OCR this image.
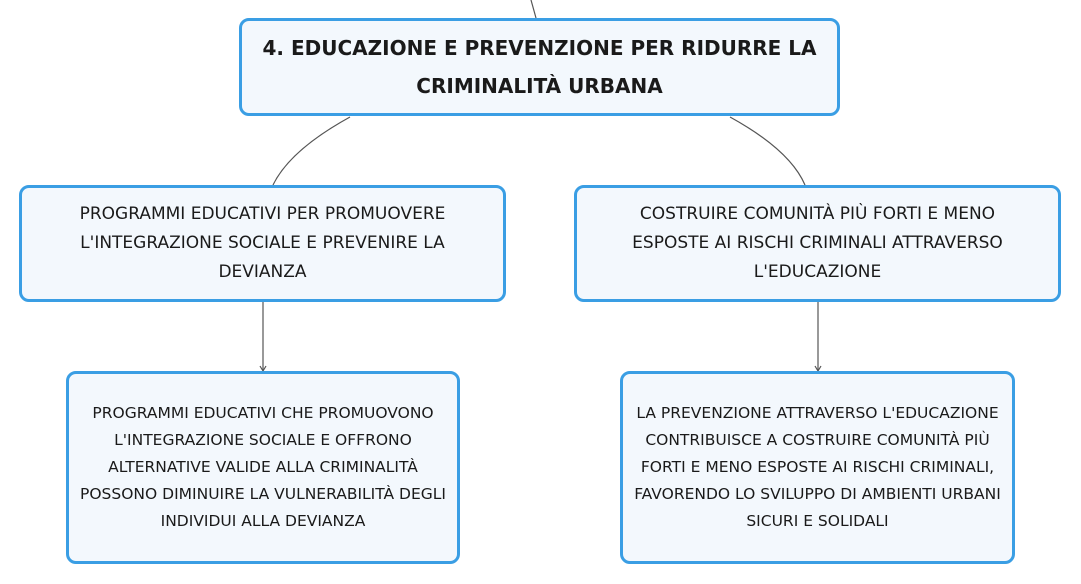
4. EDUCAZIONE E PREVENZIONE PER RIDURRE LA CRIMINALITÀ URBANA
PROGRAMMI EDUCATIVI PER PROMUOVERE L'INTEGRAZIONE SOCIALE E PREVENIRE LA DEVIANZA
COSTRUIRE COMUNITÀ PIÙ FORTI E MENO ESPOSTE AI RISCHI CRIMINALI ATTRAVERSO L'EDUCAZIONE
PROGRAMMI EDUCATIVI CHE PROMUOVONO L'INTEGRAZIONE SOCIALE E OFFRONO ALTERNATIVE VALIDE ALLA CRIMINALITÀ POSSONO DIMINUIRE LA VULNERABILITÀ DEGLI INDIVIDUI ALLA DEVIANZA
LA PREVENZIONE ATTRAVERSO L'EDUCAZIONE CONTRIBUISCE A COSTRUIRE COMUNITÀ PIÙ FORTI E MENO ESPOSTE AI RISCHI CRIMINALI, FAVORENDO LO SVILUPPO DI AMBIENTI URBANI SICURI E SOLIDALI
